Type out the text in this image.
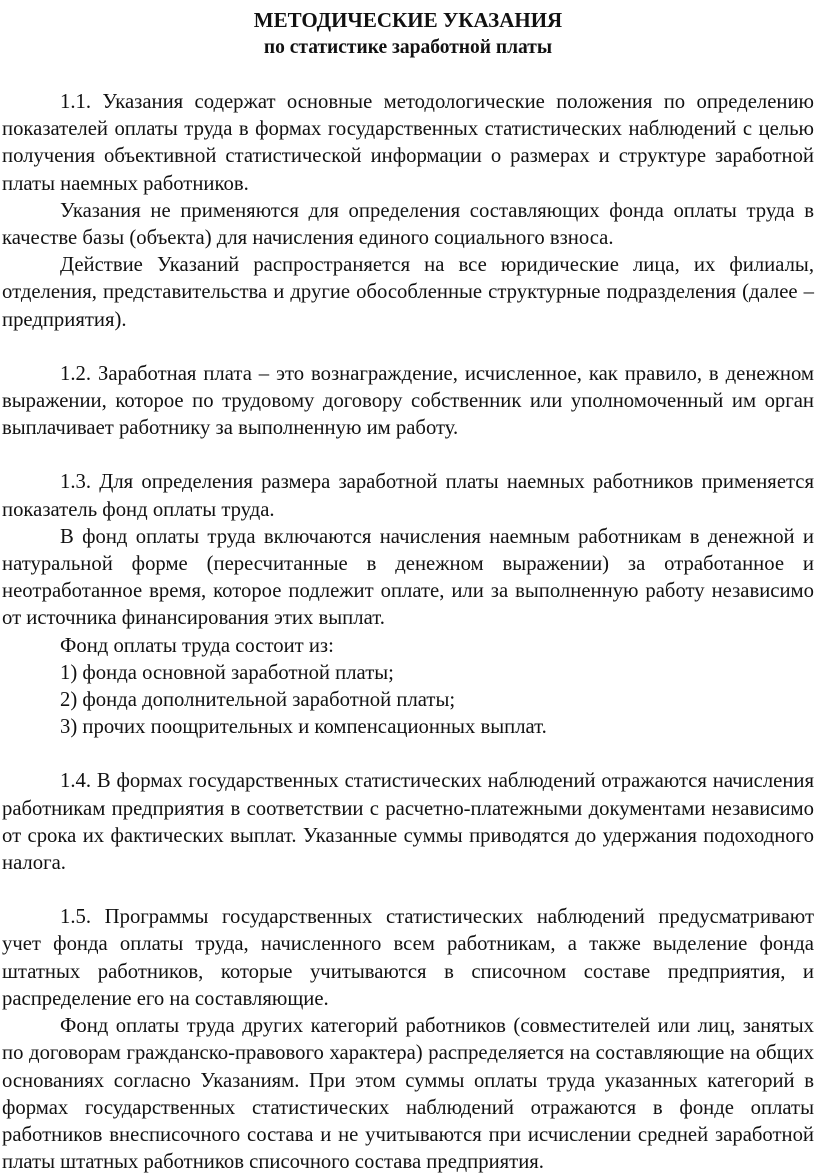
МЕТОДИЧЕСКИЕ УКАЗАНИЯ
по статистике заработной платы

1.1. Указания содержат основные методологические положения по определению показателей оплаты труда в формах государственных статистических наблюдений с целью получения объективной статистической информации о размерах и структуре заработной платы наемных работников.

Указания не применяются для определения составляющих фонда оплаты труда в качестве базы (объекта) для начисления единого социального взноса.

Действие Указаний распространяется на все юридические лица, их филиалы, отделения, представительства и другие обособленные структурные подразделения (далее – предприятия).

1.2. Заработная плата – это вознаграждение, исчисленное, как правило, в денежном выражении, которое по трудовому договору собственник или уполномоченный им орган выплачивает работнику за выполненную им работу.

1.3. Для определения размера заработной платы наемных работников применяется показатель фонд оплаты труда.

В фонд оплаты труда включаются начисления наемным работникам в денежной и натуральной форме (пересчитанные в денежном выражении) за отработанное и неотработанное время, которое подлежит оплате, или за выполненную работу независимо от источника финансирования этих выплат.

Фонд оплаты труда состоит из:

1) фонда основной заработной платы;

2) фонда дополнительной заработной платы;

3) прочих поощрительных и компенсационных выплат.

1.4. В формах государственных статистических наблюдений отражаются начисления работникам предприятия в соответствии с расчетно-платежными документами независимо от срока их фактических выплат. Указанные суммы приводятся до удержания подоходного налога.

1.5. Программы государственных статистических наблюдений предусматривают учет фонда оплаты труда, начисленного всем работникам, а также выделение фонда штатных работников, которые учитываются в списочном составе предприятия, и распределение его на составляющие.

Фонд оплаты труда других категорий работников (совместителей или лиц, занятых по договорам гражданско-правового характера) распределяется на составляющие на общих основаниях согласно Указаниям. При этом суммы оплаты труда указанных категорий в формах государственных статистических наблюдений отражаются в фонде оплаты работников внесписочного состава и не учитываются при исчислении средней заработной платы штатных работников списочного состава предприятия.
